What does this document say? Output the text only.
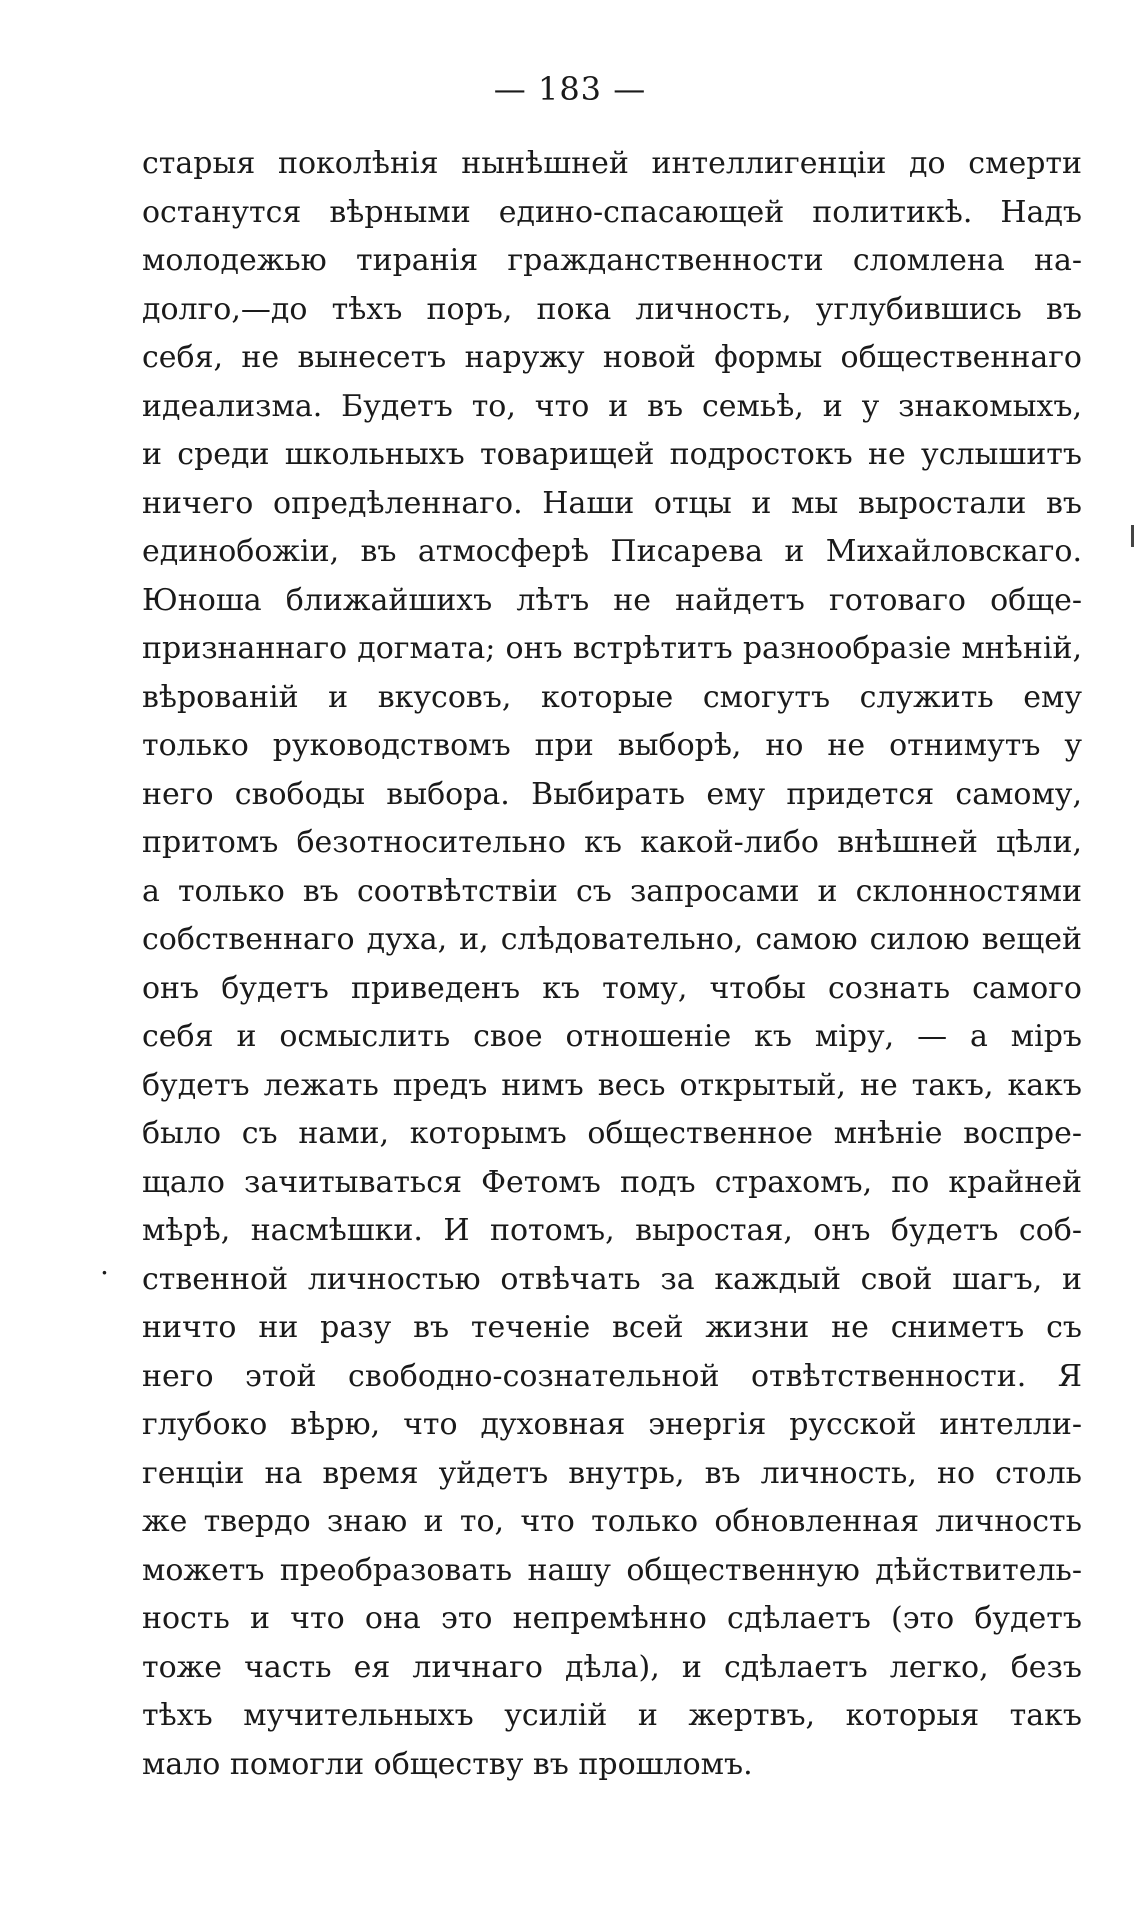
— 183 —
старыя поколѣнія нынѣшней интеллигенціи до смерти
останутся вѣрными едино-спасающей политикѣ. Надъ
молодежью тиранія гражданственности сломлена на-
долго,—до тѣхъ поръ, пока личность, углубившись въ
себя, не вынесетъ наружу новой формы общественнаго
идеализма. Будетъ то, что и въ семьѣ, и у знакомыхъ,
и среди школьныхъ товарищей подростокъ не услышитъ
ничего опредѣленнаго. Наши отцы и мы выростали въ
единобожіи, въ атмосферѣ Писарева и Михайловскаго.
Юноша ближайшихъ лѣтъ не найдетъ готоваго обще-
признаннаго догмата; онъ встрѣтитъ разнообразіе мнѣній,
вѣрованій и вкусовъ, которые смогутъ служить ему
только руководствомъ при выборѣ, но не отнимутъ у
него свободы выбора. Выбирать ему придется самому,
притомъ безотносительно къ какой-либо внѣшней цѣли,
а только въ соотвѣтствіи съ запросами и склонностями
собственнаго духа, и, слѣдовательно, самою силою вещей
онъ будетъ приведенъ къ тому, чтобы сознать самого
себя и осмыслить свое отношеніе къ міру, — а міръ
будетъ лежать предъ нимъ весь открытый, не такъ, какъ
было съ нами, которымъ общественное мнѣніе воспре-
щало зачитываться Фетомъ подъ страхомъ, по крайней
мѣрѣ, насмѣшки. И потомъ, выростая, онъ будетъ соб-
ственной личностью отвѣчать за каждый свой шагъ, и
ничто ни разу въ теченіе всей жизни не сниметъ съ
него этой свободно-сознательной отвѣтственности. Я
глубоко вѣрю, что духовная энергія русской интелли-
генціи на время уйдетъ внутрь, въ личность, но столь
же твердо знаю и то, что только обновленная личность
можетъ преобразовать нашу общественную дѣйствитель-
ность и что она это непремѣнно сдѣлаетъ (это будетъ
тоже часть ея личнаго дѣла), и сдѣлаетъ легко, безъ
тѣхъ мучительныхъ усилій и жертвъ, которыя такъ
мало помогли обществу въ прошломъ.
.
